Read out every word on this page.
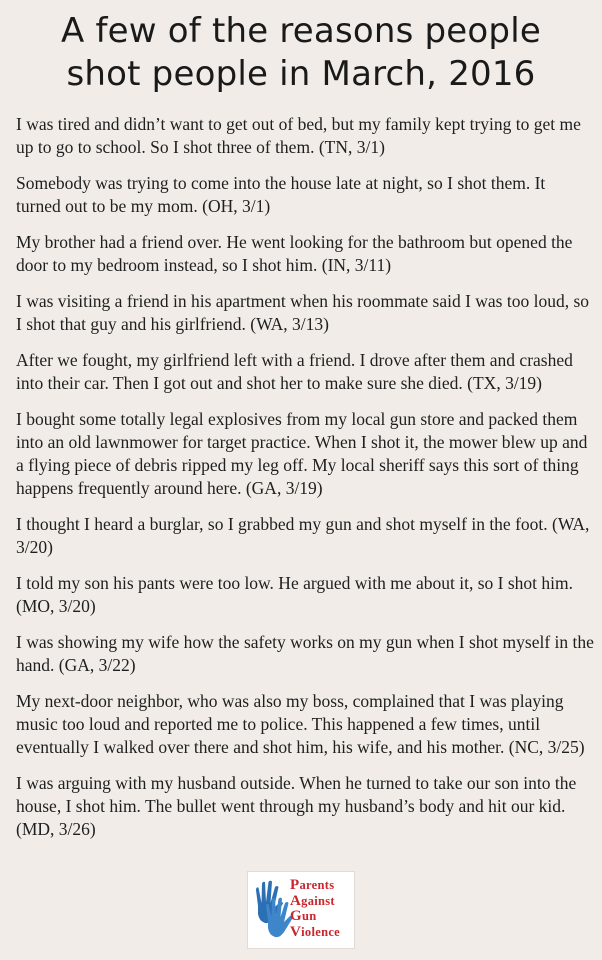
A few of the reasons people
shot people in March, 2016

I was tired and didn’t want to get out of bed, but my family kept trying to get me up to go to school. So I shot three of them. (TN, 3/1)

Somebody was trying to come into the house late at night, so I shot them. It turned out to be my mom. (OH, 3/1)

My brother had a friend over. He went looking for the bathroom but opened the door to my bedroom instead, so I shot him. (IN, 3/11)

I was visiting a friend in his apartment when his roommate said I was too loud, so I shot that guy and his girlfriend. (WA, 3/13)

After we fought, my girlfriend left with a friend. I drove after them and crashed into their car. Then I got out and shot her to make sure she died. (TX, 3/19)

I bought some totally legal explosives from my local gun store and packed them into an old lawnmower for target practice. When I shot it, the mower blew up and a flying piece of debris ripped my leg off. My local sheriff says this sort of thing happens frequently around here. (GA, 3/19)

I thought I heard a burglar, so I grabbed my gun and shot myself in the foot. (WA, 3/20)

I told my son his pants were too low. He argued with me about it, so I shot him. (MO, 3/20)

I was showing my wife how the safety works on my gun when I shot myself in the hand. (GA, 3/22)

My next-door neighbor, who was also my boss, complained that I was playing music too loud and reported me to police. This happened a few times, until eventually I walked over there and shot him, his wife, and his mother. (NC, 3/25)

I was arguing with my husband outside. When he turned to take our son into the house, I shot him. The bullet went through my husband’s body and hit our kid. (MD, 3/26)

Parents
Against
Gun
Violence
